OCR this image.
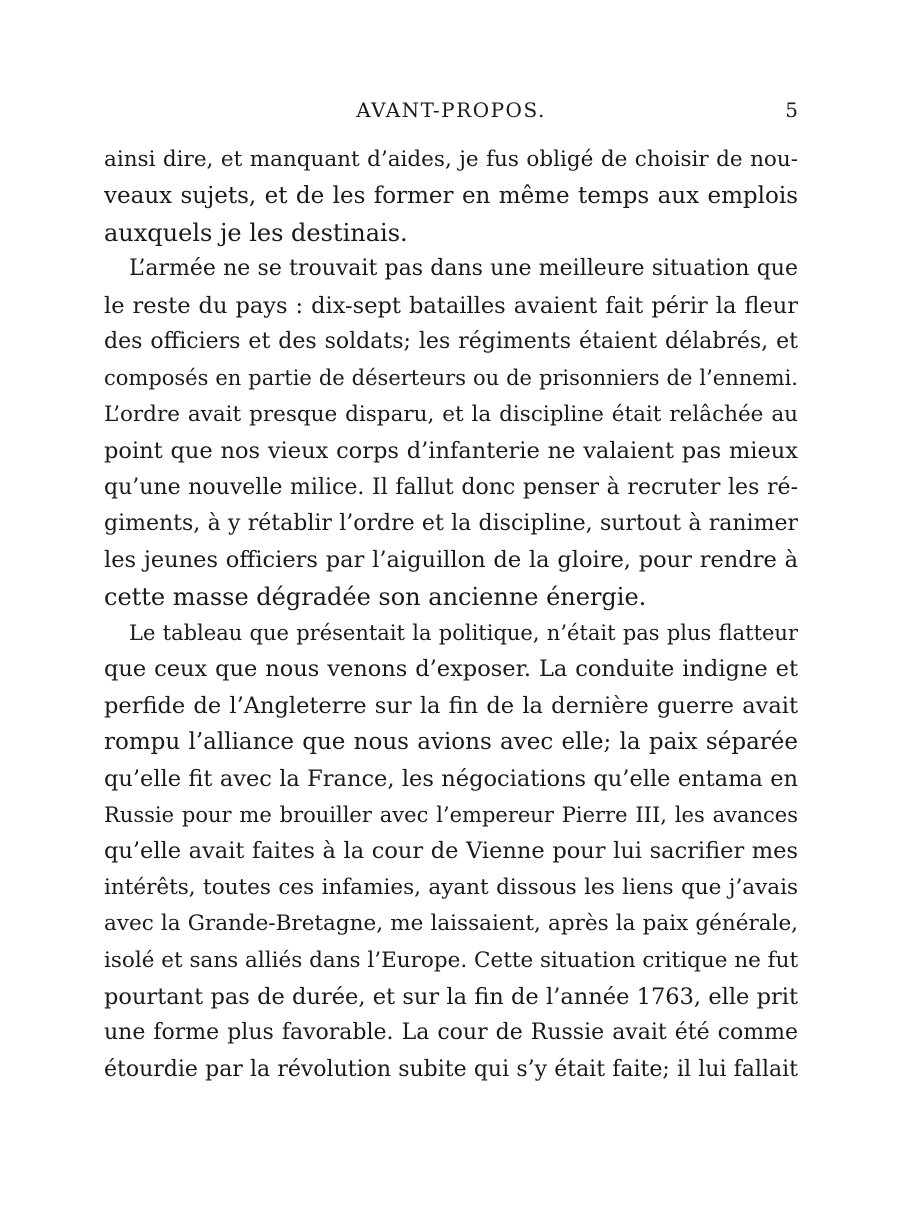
AVANT-PROPOS.	5
ainsi dire, et manquant d’aides, je fus obligé de choisir de nou-
veaux sujets, et de les former en même temps aux emplois
auxquels je les destinais.
L’armée ne se trouvait pas dans une meilleure situation que
le reste du pays : dix-sept batailles avaient fait périr la fleur
des officiers et des soldats; les régiments étaient délabrés, et
composés en partie de déserteurs ou de prisonniers de l’ennemi.
L’ordre avait presque disparu, et la discipline était relâchée au
point que nos vieux corps d’infanterie ne valaient pas mieux
qu’une nouvelle milice. Il fallut donc penser à recruter les ré-
giments, à y rétablir l’ordre et la discipline, surtout à ranimer
les jeunes officiers par l’aiguillon de la gloire, pour rendre à
cette masse dégradée son ancienne énergie.
Le tableau que présentait la politique, n’était pas plus flatteur
que ceux que nous venons d’exposer. La conduite indigne et
perfide de l’Angleterre sur la fin de la dernière guerre avait
rompu l’alliance que nous avions avec elle; la paix séparée
qu’elle fit avec la France, les négociations qu’elle entama en
Russie pour me brouiller avec l’empereur Pierre III, les avances
qu’elle avait faites à la cour de Vienne pour lui sacrifier mes
intérêts, toutes ces infamies, ayant dissous les liens que j’avais
avec la Grande-Bretagne, me laissaient, après la paix générale,
isolé et sans alliés dans l’Europe. Cette situation critique ne fut
pourtant pas de durée, et sur la fin de l’année 1763, elle prit
une forme plus favorable. La cour de Russie avait été comme
étourdie par la révolution subite qui s’y était faite; il lui fallait
